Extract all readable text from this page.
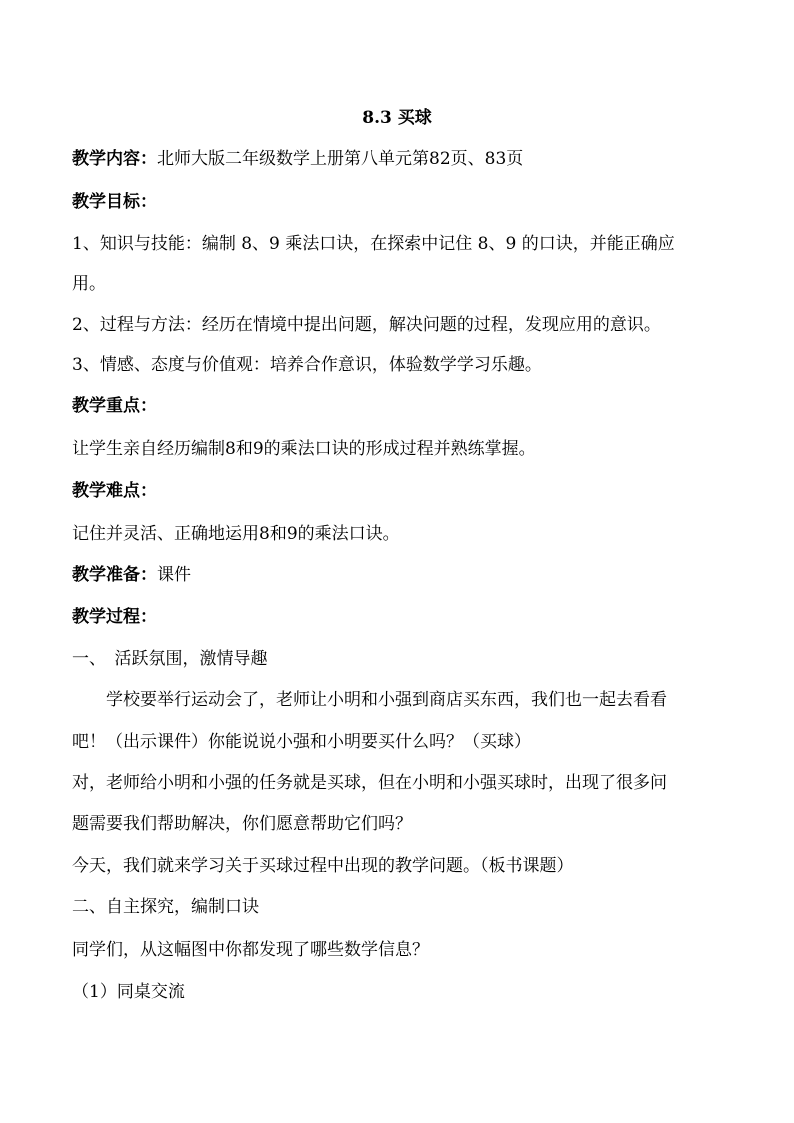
8.3 买球
教学内容：北师大版二年级数学上册第八单元第82页、83页
教学目标：
1、知识与技能：编制 8、9 乘法口诀，在探索中记住 8、9 的口诀，并能正确应
用。
2、过程与方法：经历在情境中提出问题，解决问题的过程，发现应用的意识。
3、情感、态度与价值观：培养合作意识，体验数学学习乐趣。
教学重点：
让学生亲自经历编制8和9的乘法口诀的形成过程并熟练掌握。
教学难点：
记住并灵活、正确地运用8和9的乘法口诀。
教学准备：课件
教学过程：
一、　活跃氛围，激情导趣
学校要举行运动会了，老师让小明和小强到商店买东西，我们也一起去看看
吧！（出示课件）你能说说小强和小明要买什么吗？（买球）
对，老师给小明和小强的任务就是买球，但在小明和小强买球时，出现了很多问
题需要我们帮助解决，你们愿意帮助它们吗？
今天，我们就来学习关于买球过程中出现的教学问题。（板书课题）
二、自主探究，编制口诀
同学们，从这幅图中你都发现了哪些数学信息？
（1）同桌交流
